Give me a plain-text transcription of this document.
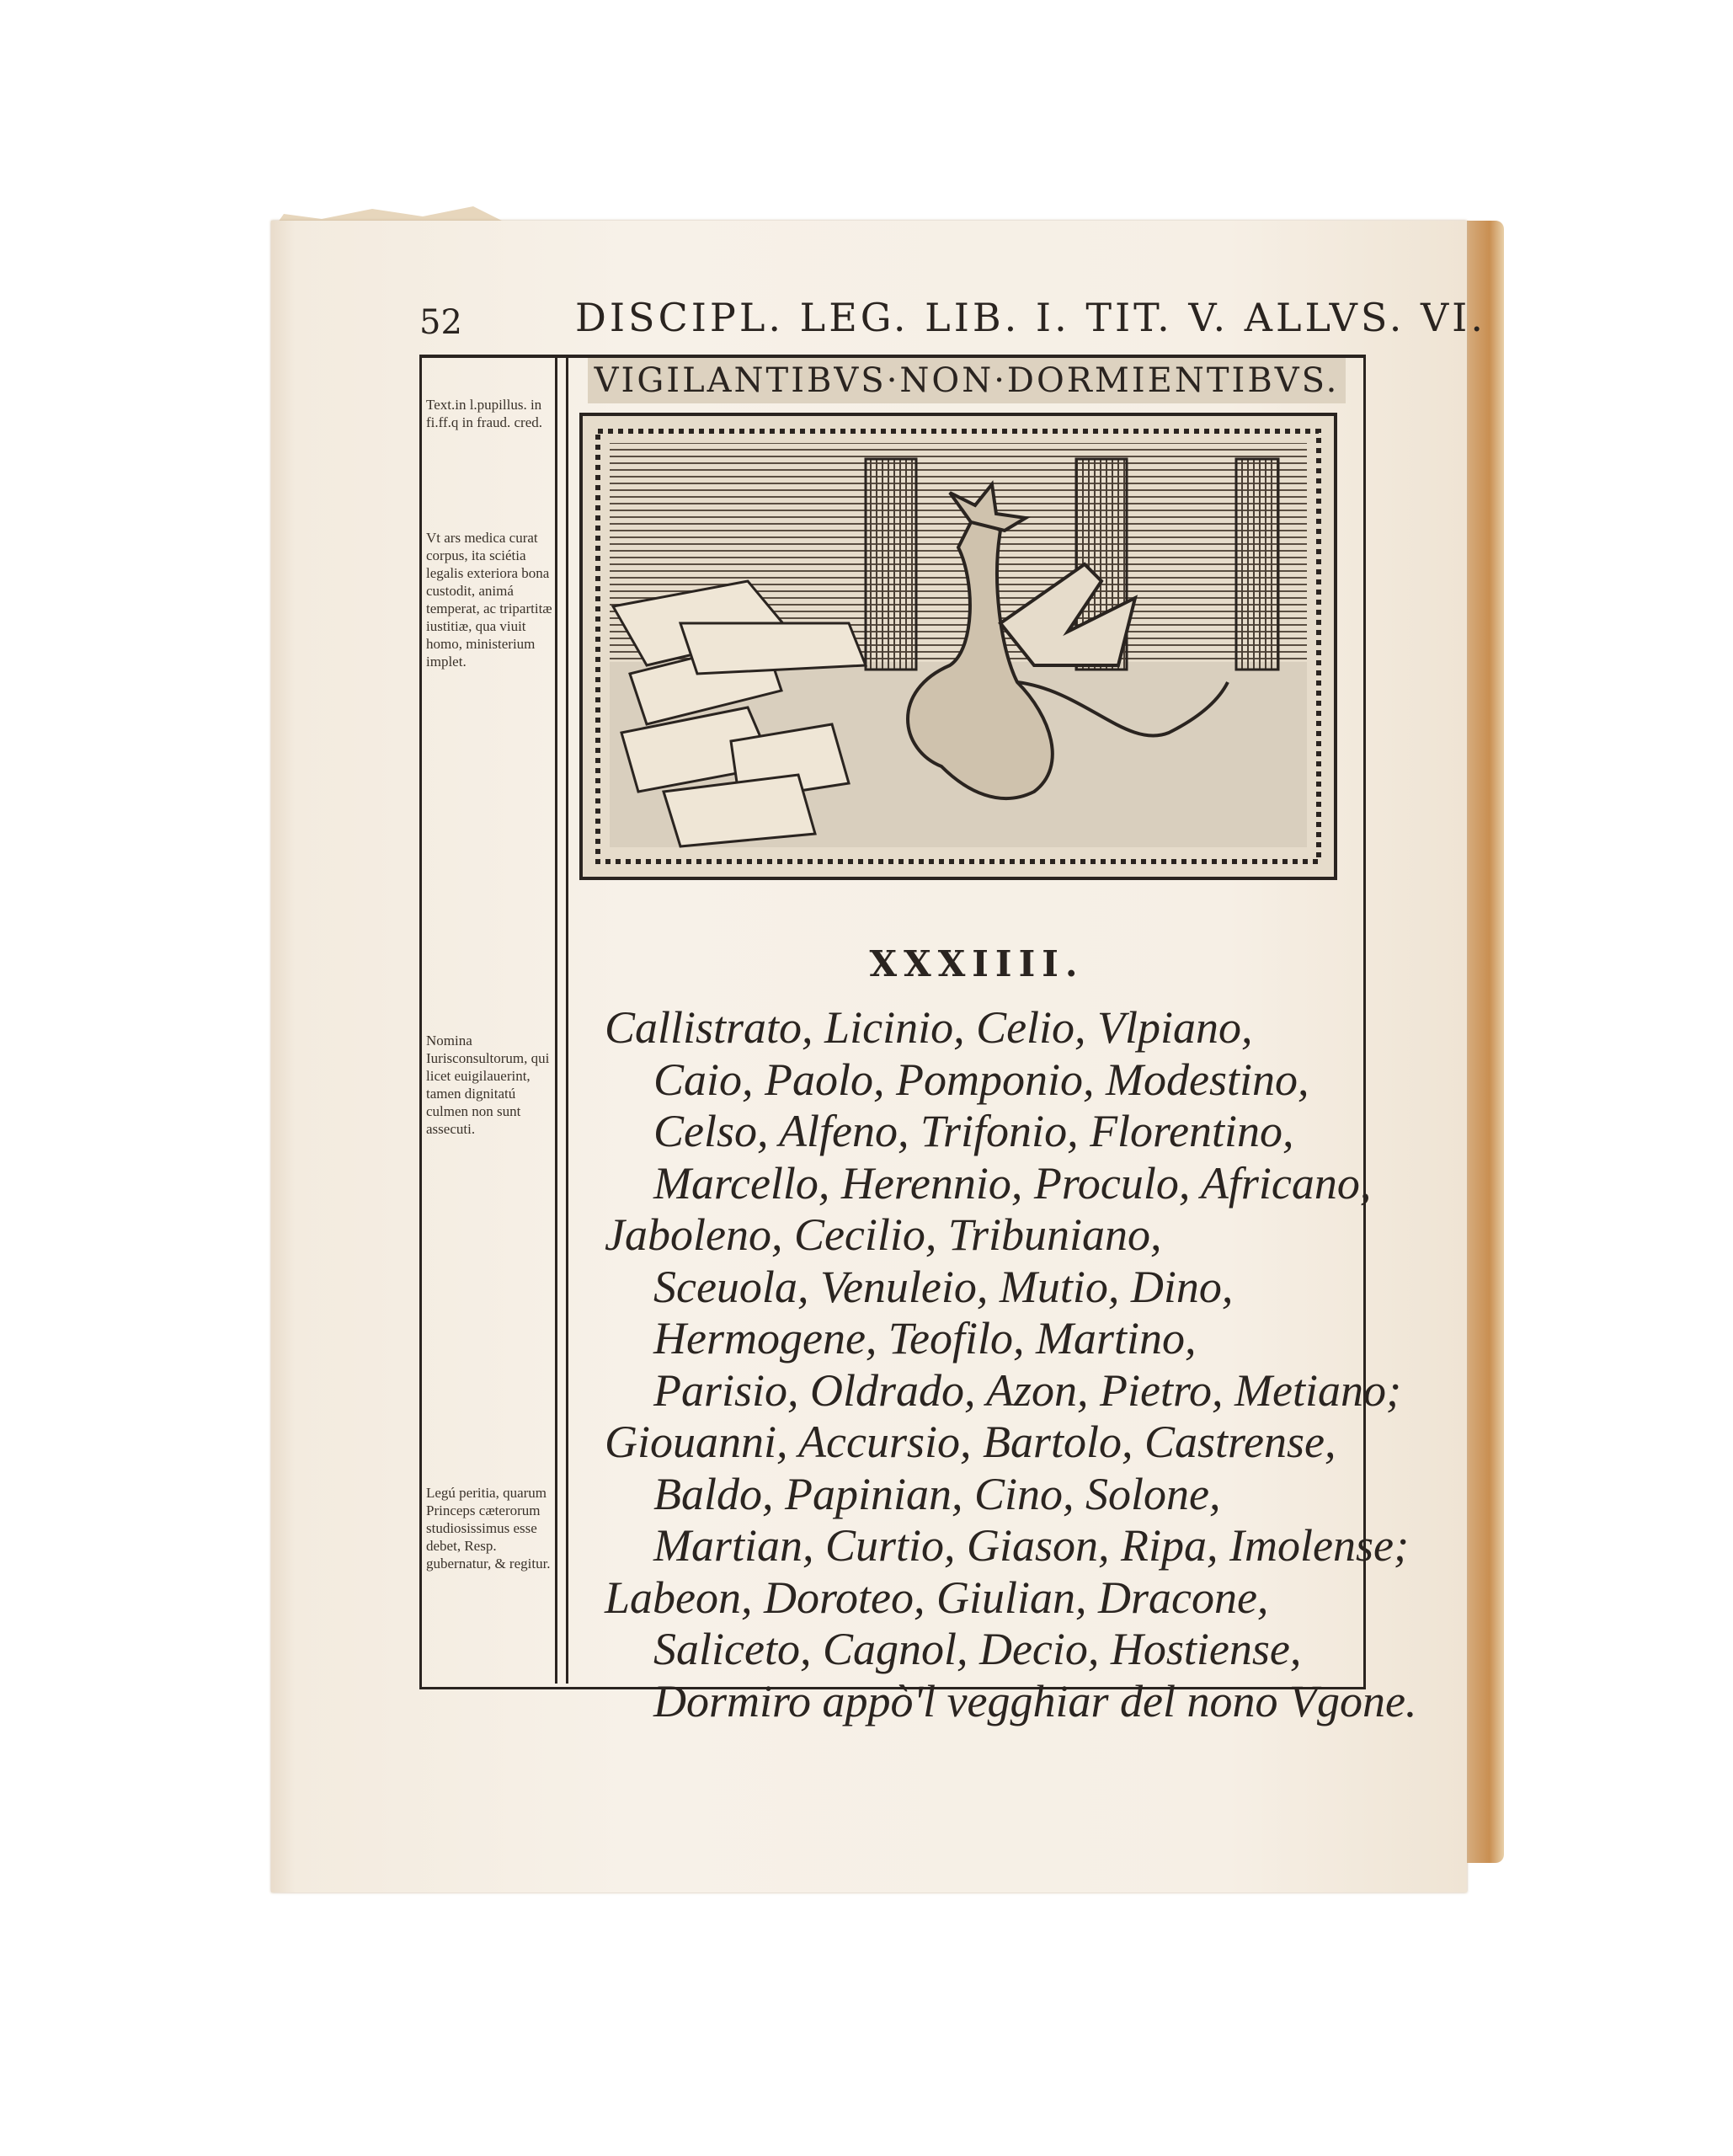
52	DISCIPL. LEG. LIB. I. TIT. V. ALLVS. VI.
Text.in l.pupillus. in fi.ff.q in fraud. cred.
Vt ars medica curat corpus, ita sciétia legalis exteriora bona custodit, animá temperat, ac tripartitæ iustitiæ, qua viuit homo, ministerium implet.
Nomina Iurisconsultorum, qui licet euigilauerint, tamen dignitatú culmen non sunt assecuti.
Legú peritia, quarum Princeps cæterorum studiosissimus esse debet, Resp. gubernatur, & regitur.
VIGILANTIBVS·NON·DORMIENTIBVS.
XXXIIII.
Callistrato, Licinio, Celio, Vlpiano,
Caio, Paolo, Pomponio, Modestino,
Celso, Alfeno, Trifonio, Florentino,
Marcello, Herennio, Proculo, Africano,
Jaboleno, Cecilio, Tribuniano,
Sceuola, Venuleio, Mutio, Dino,
Hermogene, Teofilo, Martino,
Parisio, Oldrado, Azon, Pietro, Metiano;
Giouanni, Accursio, Bartolo, Castrense,
Baldo, Papinian, Cino, Solone,
Martian, Curtio, Giason, Ripa, Imolense;
Labeon, Doroteo, Giulian, Dracone,
Saliceto, Cagnol, Decio, Hostiense,
Dormiro appò'l vegghiar del nono Vgone.
